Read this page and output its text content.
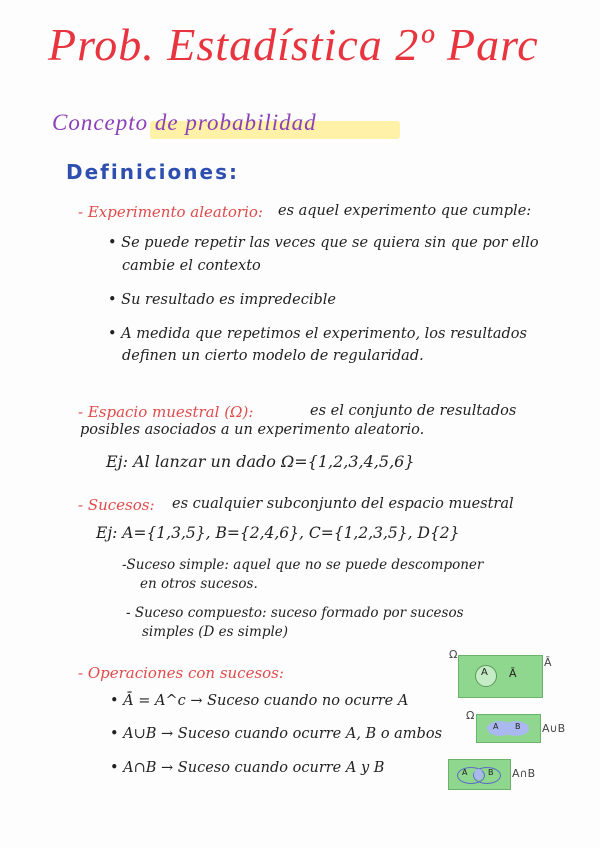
Prob. Estadística 2º Parc
Concepto de probabilidad
Definiciones:
- Experimento aleatorio: es aquel experimento que cumple:
• Se puede repetir las veces que se quiera sin que por ello
cambie el contexto
• Su resultado es impredecible
• A medida que repetimos el experimento, los resultados
definen un cierto modelo de regularidad.
- Espacio muestral (Ω):	es el conjunto de resultados
posibles asociados a un experimento aleatorio.
Ej: Al lanzar un dado Ω={1,2,3,4,5,6}
- Sucesos: es cualquier subconjunto del espacio muestral
Ej: A={1,3,5}, B={2,4,6}, C={1,2,3,5}, D{2}
-Suceso simple: aquel que no se puede descomponer
en otros sucesos.
- Suceso compuesto: suceso formado por sucesos
simples (D es simple)
- Operaciones con sucesos:
• Ā = A^c → Suceso cuando no ocurre A
• A∪B → Suceso cuando ocurre A, B o ambos
• A∩B → Suceso cuando ocurre A y B
Ω
A Ā
Ā
Ω
A B A∪B
A	B A∩B
